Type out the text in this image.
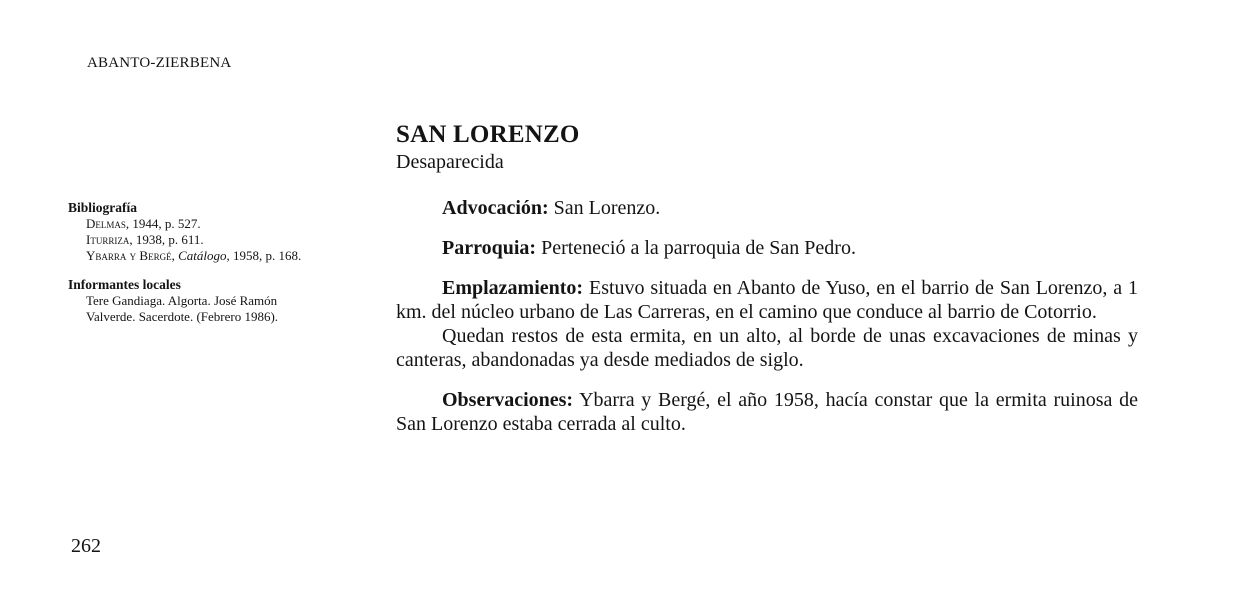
ABANTO-ZIERBENA
Bibliografía
Delmas, 1944, p. 527.
Iturriza, 1938, p. 611.
Ybarra y Bergé, Catálogo, 1958, p. 168.
Informantes locales
Tere Gandiaga. Algorta. José Ramón
Valverde. Sacerdote. (Febrero 1986).
SAN LORENZO
Desaparecida

Advocación: San Lorenzo.

Parroquia: Perteneció a la parroquia de San Pedro.

Emplazamiento: Estuvo situada en Abanto de Yuso, en el barrio de San Lorenzo, a 1 km. del núcleo urbano de Las Carreras, en el camino que conduce al barrio de Cotorrio.

Quedan restos de esta ermita, en un alto, al borde de unas excavaciones de minas y canteras, abandonadas ya desde mediados de siglo.

Observaciones: Ybarra y Bergé, el año 1958, hacía constar que la ermita ruinosa de San Lorenzo estaba cerrada al culto.

262
